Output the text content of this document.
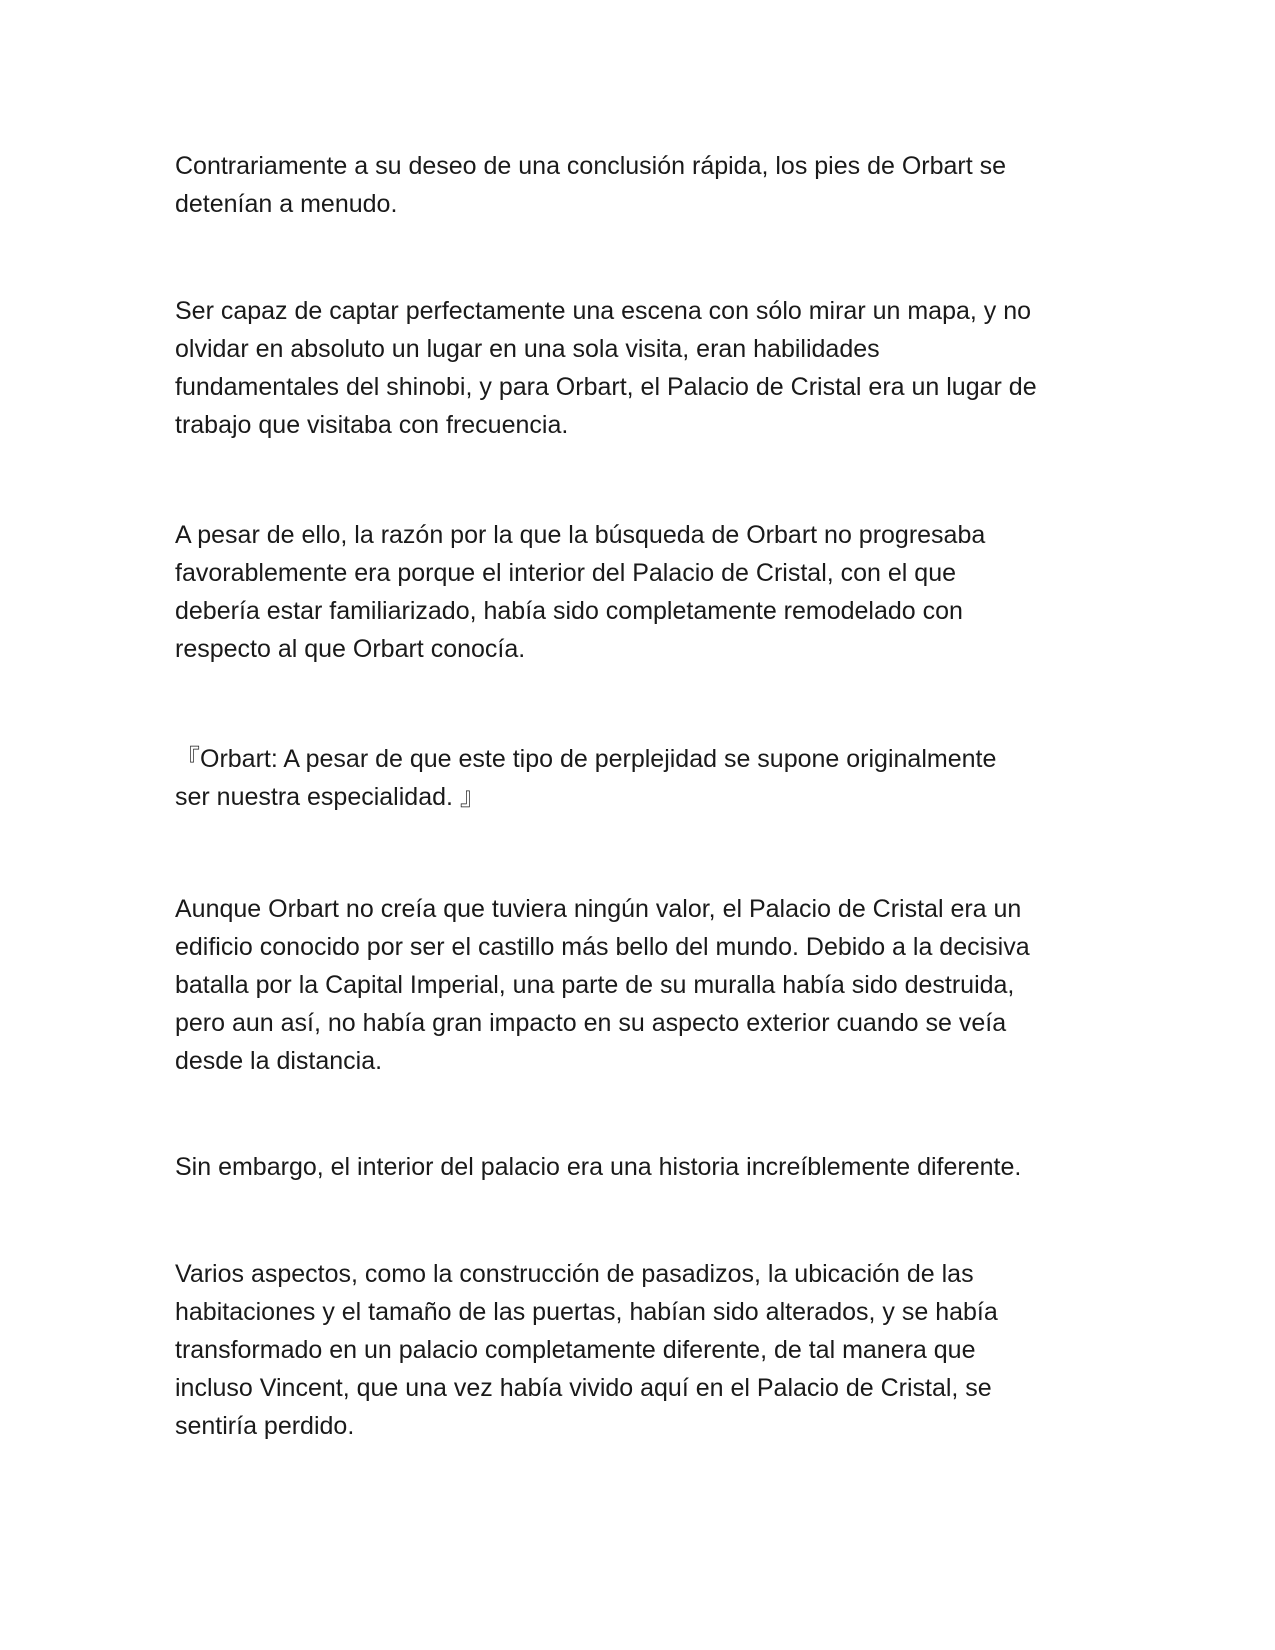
Contrariamente a su deseo de una conclusión rápida, los pies de Orbart se
detenían a menudo.

Ser capaz de captar perfectamente una escena con sólo mirar un mapa, y no
olvidar en absoluto un lugar en una sola visita, eran habilidades
fundamentales del shinobi, y para Orbart, el Palacio de Cristal era un lugar de
trabajo que visitaba con frecuencia.

A pesar de ello, la razón por la que la búsqueda de Orbart no progresaba
favorablemente era porque el interior del Palacio de Cristal, con el que
debería estar familiarizado, había sido completamente remodelado con
respecto al que Orbart conocía.

『Orbart: A pesar de que este tipo de perplejidad se supone originalmente
ser nuestra especialidad. 』

Aunque Orbart no creía que tuviera ningún valor, el Palacio de Cristal era un
edificio conocido por ser el castillo más bello del mundo. Debido a la decisiva
batalla por la Capital Imperial, una parte de su muralla había sido destruida,
pero aun así, no había gran impacto en su aspecto exterior cuando se veía
desde la distancia.

Sin embargo, el interior del palacio era una historia increíblemente diferente.

Varios aspectos, como la construcción de pasadizos, la ubicación de las
habitaciones y el tamaño de las puertas, habían sido alterados, y se había
transformado en un palacio completamente diferente, de tal manera que
incluso Vincent, que una vez había vivido aquí en el Palacio de Cristal, se
sentiría perdido.
